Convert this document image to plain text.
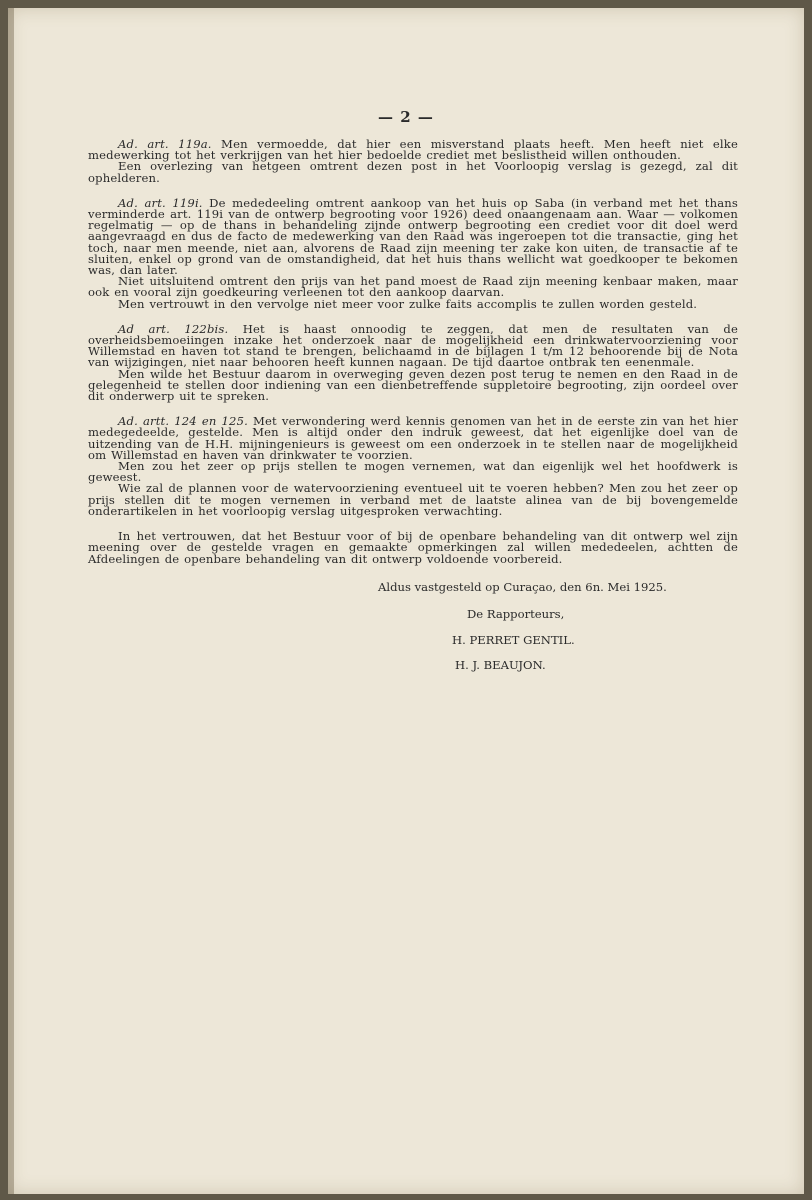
— 2 —

Ad. art. 119a. Men vermoedde, dat hier een misverstand plaats heeft. Men heeft niet elke medewerking tot het verkrijgen van het hier bedoelde crediet met beslistheid willen onthouden.

Een overlezing van hetgeen omtrent dezen post in het Voorloopig verslag is gezegd, zal dit ophelderen.

Ad. art. 119i. De mededeeling omtrent aankoop van het huis op Saba (in verband met het thans verminderde art. 119i van de ontwerp begrooting voor 1926) deed onaangenaam aan. Waar — volkomen regelmatig — op de thans in behandeling zijnde ontwerp begrooting een crediet voor dit doel werd aangevraagd en dus de facto de medewerking van den Raad was ingeroepen tot die transactie, ging het toch, naar men meende, niet aan, alvorens de Raad zijn meening ter zake kon uiten, de transactie af te sluiten, enkel op grond van de omstandigheid, dat het huis thans wellicht wat goedkooper te bekomen was, dan later.

Niet uitsluitend omtrent den prijs van het pand moest de Raad zijn meening kenbaar maken, maar ook en vooral zijn goedkeuring verleenen tot den aankoop daarvan.

Men vertrouwt in den vervolge niet meer voor zulke faits accomplis te zullen worden gesteld.

Ad art. 122bis. Het is haast onnoodig te zeggen, dat men de resultaten van de overheidsbemoeiingen inzake het onderzoek naar de mogelijkheid een drinkwatervoorziening voor Willemstad en haven tot stand te brengen, belichaamd in de bijlagen 1 t/m 12 behoorende bij de Nota van wijzigingen, niet naar behooren heeft kunnen nagaan. De tijd daartoe ontbrak ten eenenmale.

Men wilde het Bestuur daarom in overweging geven dezen post terug te nemen en den Raad in de gelegenheid te stellen door indiening van een dienbetreffende suppletoire begrooting, zijn oordeel over dit onderwerp uit te spreken.

Ad. artt. 124 en 125. Met verwondering werd kennis genomen van het in de eerste zin van het hier medegedeelde, gestelde. Men is altijd onder den indruk geweest, dat het eigenlijke doel van de uitzending van de H.H. mijningenieurs is geweest om een onderzoek in te stellen naar de mogelijkheid om Willemstad en haven van drinkwater te voorzien.

Men zou het zeer op prijs stellen te mogen vernemen, wat dan eigenlijk wel het hoofdwerk is geweest.

Wie zal de plannen voor de watervoorziening eventueel uit te voeren hebben? Men zou het zeer op prijs stellen dit te mogen vernemen in verband met de laatste alinea van de bij bovengemelde onderartikelen in het voorloopig verslag uitgesproken verwachting.

In het vertrouwen, dat het Bestuur voor of bij de openbare behandeling van dit ontwerp wel zijn meening over de gestelde vragen en gemaakte opmerkingen zal willen mededeelen, achtten de Afdeelingen de openbare behandeling van dit ontwerp voldoende voorbereid.

Aldus vastgesteld op Curaçao, den 6n. Mei 1925.
De Rapporteurs,
H. PERRET GENTIL.
H. J. BEAUJON.
